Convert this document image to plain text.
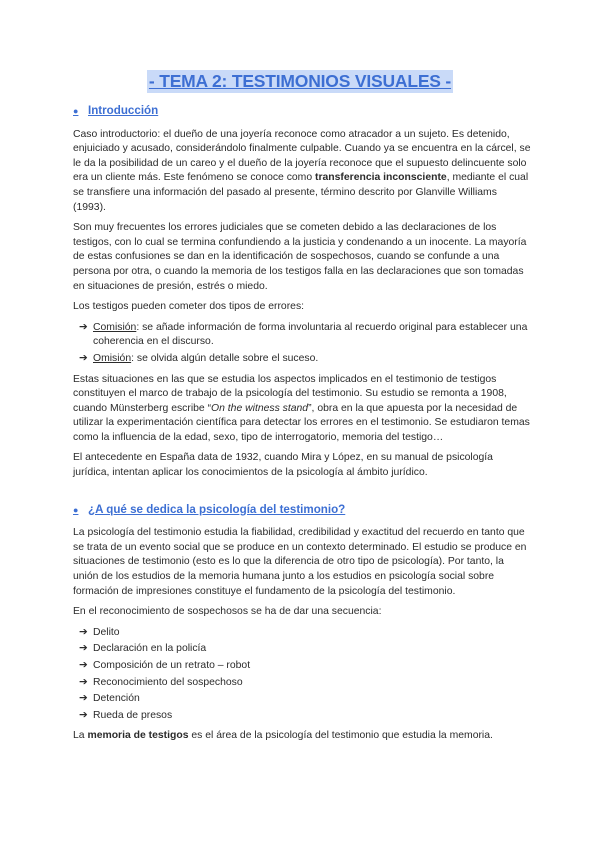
- TEMA 2: TESTIMONIOS VISUALES -
● Introducción

Caso introductorio: el dueño de una joyería reconoce como atracador a un sujeto. Es detenido, enjuiciado y acusado, considerándolo finalmente culpable. Cuando ya se encuentra en la cárcel, se le da la posibilidad de un careo y el dueño de la joyería reconoce que el supuesto delincuente solo era un cliente más. Este fenómeno se conoce como transferencia inconsciente, mediante el cual se transfiere una información del pasado al presente, término descrito por Glanville Williams (1993).

Son muy frecuentes los errores judiciales que se cometen debido a las declaraciones de los testigos, con lo cual se termina confundiendo a la justicia y condenando a un inocente. La mayoría de estas confusiones se dan en la identificación de sospechosos, cuando se confunde a una persona por otra, o cuando la memoria de los testigos falla en las declaraciones que son tomadas en situaciones de presión, estrés o miedo.

Los testigos pueden cometer dos tipos de errores:

➔ Comisión: se añade información de forma involuntaria al recuerdo original para establecer una coherencia en el discurso.
➔ Omisión: se olvida algún detalle sobre el suceso.

Estas situaciones en las que se estudia los aspectos implicados en el testimonio de testigos constituyen el marco de trabajo de la psicología del testimonio. Su estudio se remonta a 1908, cuando Münsterberg escribe “On the witness stand”, obra en la que apuesta por la necesidad de utilizar la experimentación científica para detectar los errores en el testimonio. Se estudiaron temas como la influencia de la edad, sexo, tipo de interrogatorio, memoria del testigo…

El antecedente en España data de 1932, cuando Mira y López, en su manual de psicología jurídica, intentan aplicar los conocimientos de la psicología al ámbito jurídico.

● ¿A qué se dedica la psicología del testimonio?

La psicología del testimonio estudia la fiabilidad, credibilidad y exactitud del recuerdo en tanto que se trata de un evento social que se produce en un contexto determinado. El estudio se produce en situaciones de testimonio (esto es lo que la diferencia de otro tipo de psicología). Por tanto, la unión de los estudios de la memoria humana junto a los estudios en psicología social sobre formación de impresiones constituye el fundamento de la psicología del testimonio.

En el reconocimiento de sospechosos se ha de dar una secuencia:

➔ Delito
➔ Declaración en la policía
➔ Composición de un retrato – robot
➔ Reconocimiento del sospechoso
➔ Detención
➔ Rueda de presos

La memoria de testigos es el área de la psicología del testimonio que estudia la memoria.
